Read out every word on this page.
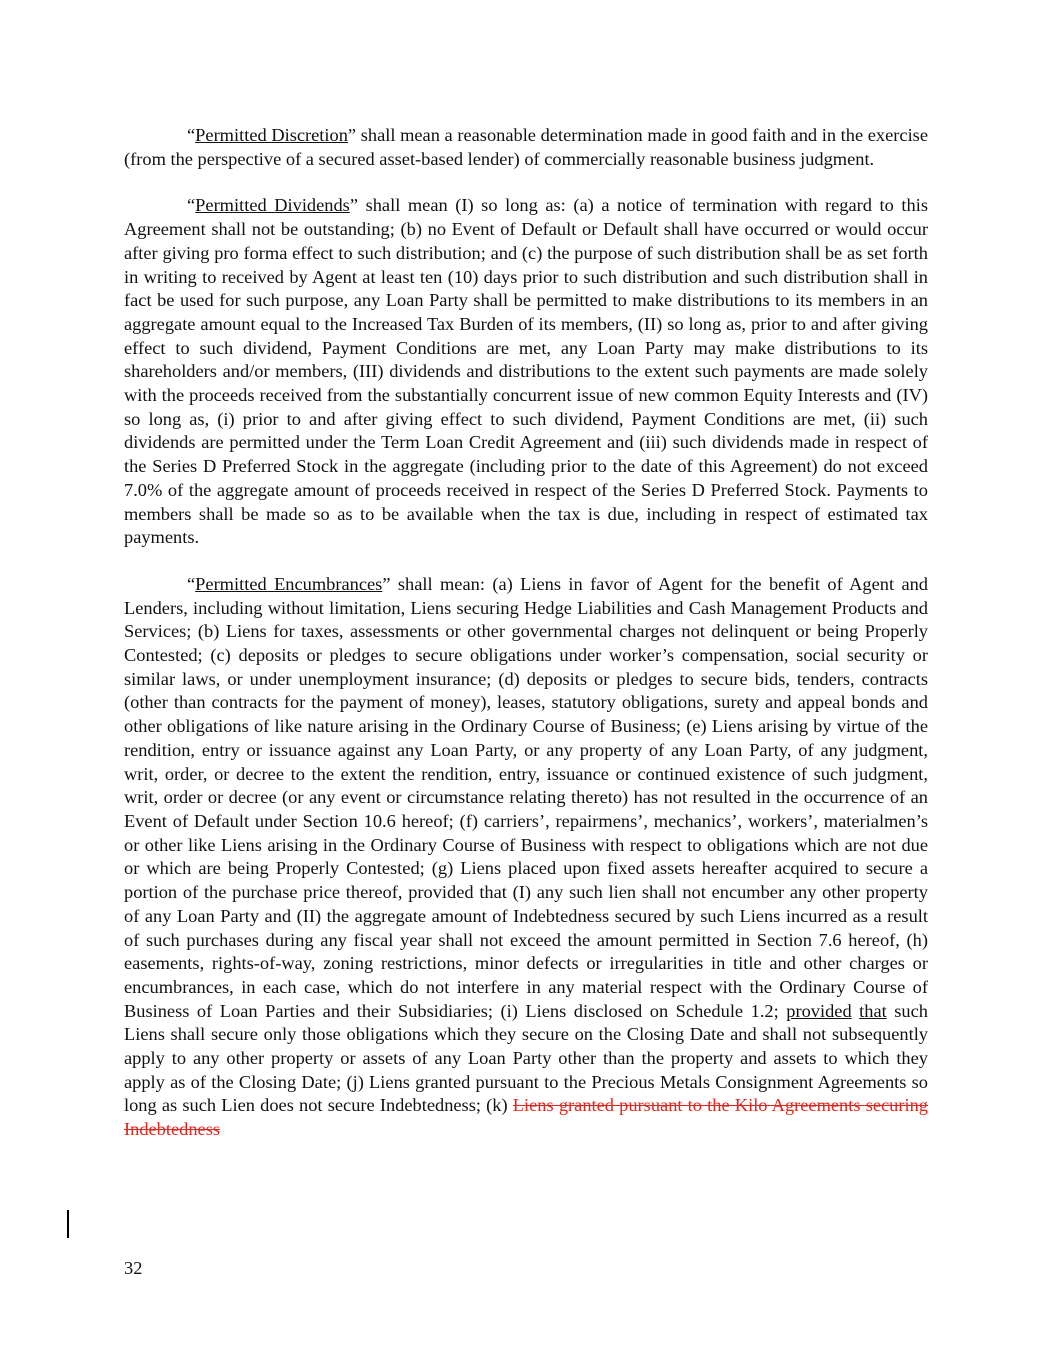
“Permitted Discretion” shall mean a reasonable determination made in good faith and in the exercise (from the perspective of a secured asset-based lender) of commercially reasonable business judgment.

“Permitted Dividends” shall mean (I) so long as: (a) a notice of termination with regard to this Agreement shall not be outstanding; (b) no Event of Default or Default shall have occurred or would occur after giving pro forma effect to such distribution; and (c) the purpose of such distribution shall be as set forth in writing to received by Agent at least ten (10) days prior to such distribution and such distribution shall in fact be used for such purpose, any Loan Party shall be permitted to make distributions to its members in an aggregate amount equal to the Increased Tax Burden of its members, (II) so long as, prior to and after giving effect to such dividend, Payment Conditions are met, any Loan Party may make distributions to its shareholders and/or members, (III) dividends and distributions to the extent such payments are made solely with the proceeds received from the substantially concurrent issue of new common Equity Interests and (IV) so long as, (i) prior to and after giving effect to such dividend, Payment Conditions are met, (ii) such dividends are permitted under the Term Loan Credit Agreement and (iii) such dividends made in respect of the Series D Preferred Stock in the aggregate (including prior to the date of this Agreement) do not exceed 7.0% of the aggregate amount of proceeds received in respect of the Series D Preferred Stock. Payments to members shall be made so as to be available when the tax is due, including in respect of estimated tax payments.

“Permitted Encumbrances” shall mean: (a) Liens in favor of Agent for the benefit of Agent and Lenders, including without limitation, Liens securing Hedge Liabilities and Cash Management Products and Services; (b) Liens for taxes, assessments or other governmental charges not delinquent or being Properly Contested; (c) deposits or pledges to secure obligations under worker’s compensation, social security or similar laws, or under unemployment insurance; (d) deposits or pledges to secure bids, tenders, contracts (other than contracts for the payment of money), leases, statutory obligations, surety and appeal bonds and other obligations of like nature arising in the Ordinary Course of Business; (e) Liens arising by virtue of the rendition, entry or issuance against any Loan Party, or any property of any Loan Party, of any judgment, writ, order, or decree to the extent the rendition, entry, issuance or continued existence of such judgment, writ, order or decree (or any event or circumstance relating thereto) has not resulted in the occurrence of an Event of Default under Section 10.6 hereof; (f) carriers’, repairmens’, mechanics’, workers’, materialmen’s or other like Liens arising in the Ordinary Course of Business with respect to obligations which are not due or which are being Properly Contested; (g) Liens placed upon fixed assets hereafter acquired to secure a portion of the purchase price thereof, provided that (I) any such lien shall not encumber any other property of any Loan Party and (II) the aggregate amount of Indebtedness secured by such Liens incurred as a result of such purchases during any fiscal year shall not exceed the amount permitted in Section 7.6 hereof, (h) easements, rights-of-way, zoning restrictions, minor defects or irregularities in title and other charges or encumbrances, in each case, which do not interfere in any material respect with the Ordinary Course of Business of Loan Parties and their Subsidiaries; (i) Liens disclosed on Schedule 1.2; provided that such Liens shall secure only those obligations which they secure on the Closing Date and shall not subsequently apply to any other property or assets of any Loan Party other than the property and assets to which they apply as of the Closing Date; (j) Liens granted pursuant to the Precious Metals Consignment Agreements so long as such Lien does not secure Indebtedness; (k) Liens granted pursuant to the Kilo Agreements securing Indebtedness

32
